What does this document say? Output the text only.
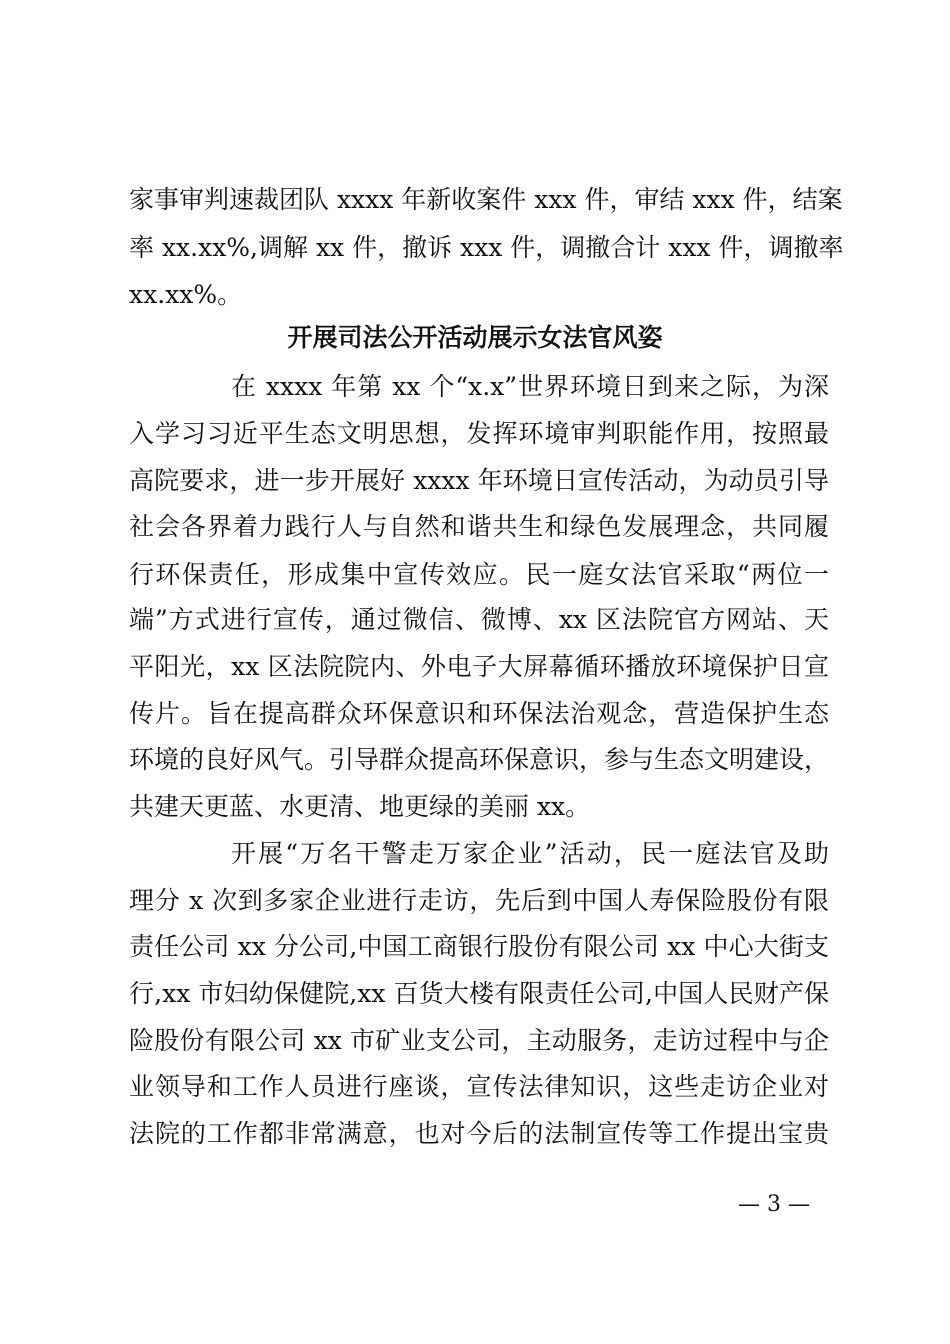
家事审判速裁团队 xxxx 年新收案件 xxx 件，审结 xxx 件，结案
率 xx.xx%,调解 xx 件，撤诉 xxx 件，调撤合计 xxx 件，调撤率
xx.xx%。
开展司法公开活动展示女法官风姿
在 xxxx 年第 xx 个“x.x”世界环境日到来之际，为深
入学习习近平生态文明思想，发挥环境审判职能作用，按照最
高院要求，进一步开展好 xxxx 年环境日宣传活动，为动员引导
社会各界着力践行人与自然和谐共生和绿色发展理念，共同履
行环保责任，形成集中宣传效应。民一庭女法官采取“两位一
端”方式进行宣传，通过微信、微博、xx 区法院官方网站、天
平阳光，xx 区法院院内、外电子大屏幕循环播放环境保护日宣
传片。旨在提高群众环保意识和环保法治观念，营造保护生态
环境的良好风气。引导群众提高环保意识，参与生态文明建设，
共建天更蓝、水更清、地更绿的美丽 xx。
开展“万名干警走万家企业”活动，民一庭法官及助
理分 x 次到多家企业进行走访，先后到中国人寿保险股份有限
责任公司 xx 分公司,中国工商银行股份有限公司 xx 中心大街支
行,xx 市妇幼保健院,xx 百货大楼有限责任公司,中国人民财产保
险股份有限公司 xx 市矿业支公司，主动服务，走访过程中与企
业领导和工作人员进行座谈，宣传法律知识，这些走访企业对
法院的工作都非常满意，也对今后的法制宣传等工作提出宝贵
— 3 —
